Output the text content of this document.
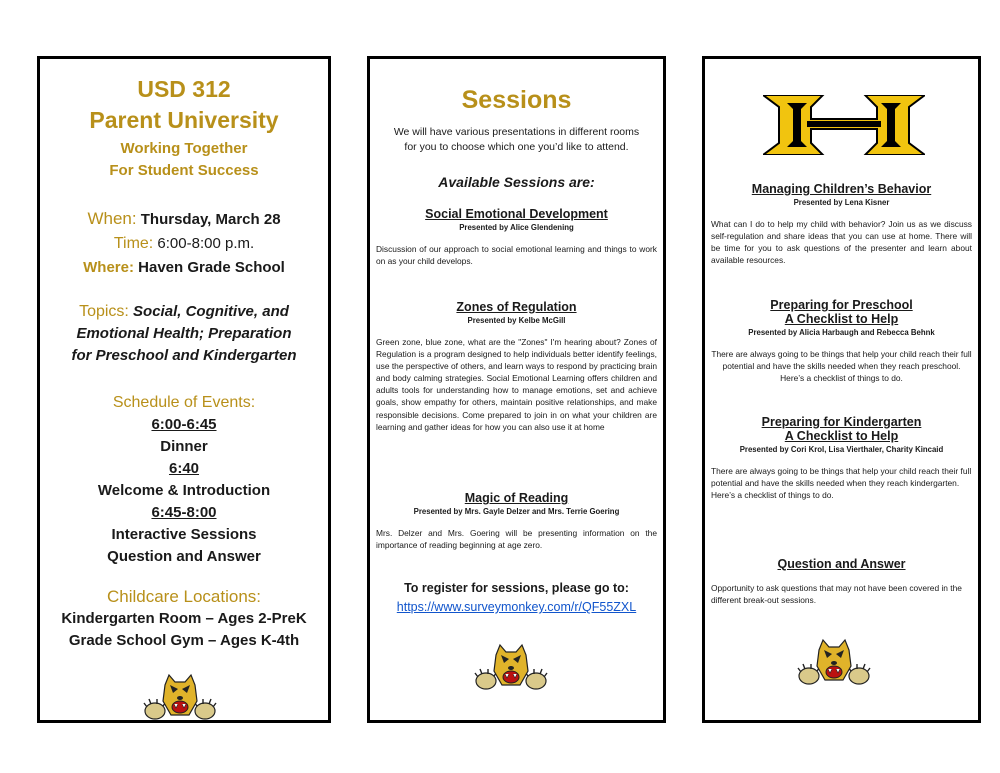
USD 312
Parent University
Working Together
For Student Success
When: Thursday, March 28
Time: 6:00-8:00 p.m.
Where: Haven Grade School
Topics: Social, Cognitive, and
Emotional Health; Preparation
for Preschool and Kindergarten
Schedule of Events:
6:00-6:45
Dinner
6:40
Welcome & Introduction
6:45-8:00
Interactive Sessions
Question and Answer
Childcare Locations:
Kindergarten Room – Ages 2-PreK
Grade School Gym – Ages K-4th
Sessions
We will have various presentations in different rooms
for you to choose which one you’d like to attend.
Available Sessions are:
Social Emotional Development
Presented by Alice Glendening
Discussion of our approach to social emotional learning and things to work on as your child develops.
Zones of Regulation
Presented by Kelbe McGill
Green zone, blue zone, what are the "Zones" I'm hearing about? Zones of Regulation is a program designed to help individuals better identify feelings, use the perspective of others, and learn ways to respond by practicing brain and body calming strategies. Social Emotional Learning offers children and adults tools for understanding how to manage emotions, set and achieve goals, show empathy for others, maintain positive relationships, and make responsible decisions. Come prepared to join in on what your children are learning and gather ideas for how you can also use it at home
Magic of Reading
Presented by Mrs. Gayle Delzer and Mrs. Terrie Goering
Mrs. Delzer and Mrs. Goering will be presenting information on the importance of reading beginning at age zero.
To register for sessions, please go to:
https://www.surveymonkey.com/r/QF55ZXL
Managing Children’s Behavior
Presented by Lena Kisner
What can I do to help my child with behavior? Join us as we discuss self-regulation and share ideas that you can use at home. There will be time for you to ask questions of the presenter and learn about available resources.
Preparing for Preschool
A Checklist to Help
Presented by Alicia Harbaugh and Rebecca Behnk
There are always going to be things that help your child reach their full potential and have the skills needed when they reach preschool. Here’s a checklist of things to do.
Preparing for Kindergarten
A Checklist to Help
Presented by Cori Krol, Lisa Vierthaler, Charity Kincaid
There are always going to be things that help your child reach their full potential and have the skills needed when they reach kindergarten. Here’s a checklist of things to do.
Question and Answer
Opportunity to ask questions that may not have been covered in the different break-out sessions.
